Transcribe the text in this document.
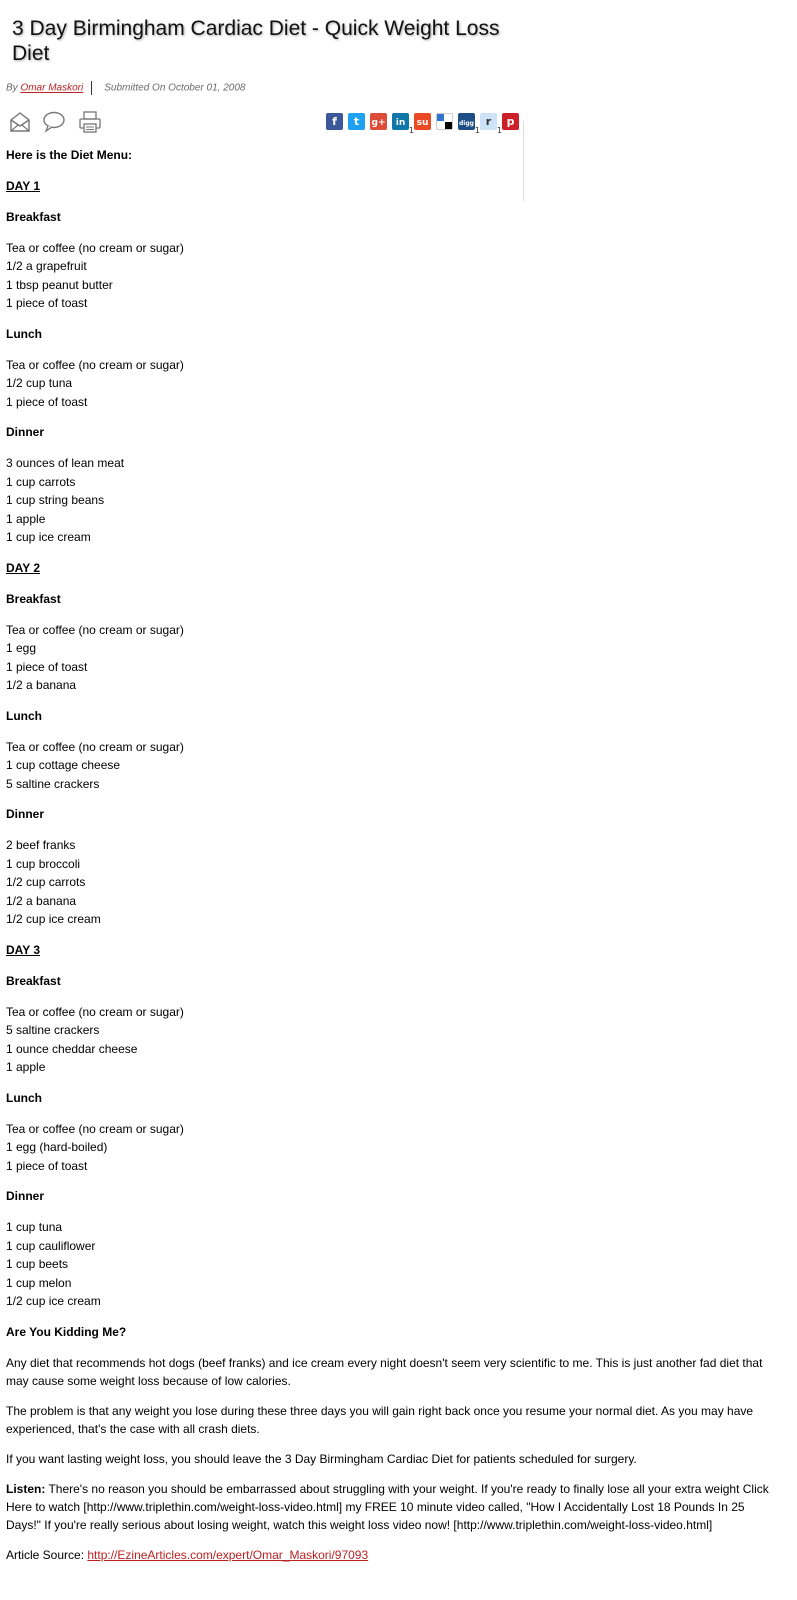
3 Day Birmingham Cardiac Diet - Quick Weight Loss Diet
By Omar Maskori Submitted On October 01, 2008
f	t	g+	in
1
su	digg
1
r
1
p

Here is the Diet Menu:

DAY 1

Breakfast

Tea or coffee (no cream or sugar)
1/2 a grapefruit
1 tbsp peanut butter
1 piece of toast

Lunch

Tea or coffee (no cream or sugar)
1/2 cup tuna
1 piece of toast

Dinner

3 ounces of lean meat
1 cup carrots
1 cup string beans
1 apple
1 cup ice cream

DAY 2

Breakfast

Tea or coffee (no cream or sugar)
1 egg
1 piece of toast
1/2 a banana

Lunch

Tea or coffee (no cream or sugar)
1 cup cottage cheese
5 saltine crackers

Dinner

2 beef franks
1 cup broccoli
1/2 cup carrots
1/2 a banana
1/2 cup ice cream

DAY 3

Breakfast

Tea or coffee (no cream or sugar)
5 saltine crackers
1 ounce cheddar cheese
1 apple

Lunch

Tea or coffee (no cream or sugar)
1 egg (hard-boiled)
1 piece of toast

Dinner

1 cup tuna
1 cup cauliflower
1 cup beets
1 cup melon
1/2 cup ice cream

Are You Kidding Me?

Any diet that recommends hot dogs (beef franks) and ice cream every night doesn't seem very scientific to me. This is just another fad diet that may cause some weight loss because of low calories.

The problem is that any weight you lose during these three days you will gain right back once you resume your normal diet. As you may have experienced, that's the case with all crash diets.

If you want lasting weight loss, you should leave the 3 Day Birmingham Cardiac Diet for patients scheduled for surgery.

Listen: There's no reason you should be embarrassed about struggling with your weight. If you're ready to finally lose all your extra weight Click Here to watch [http://www.triplethin.com/weight-loss-video.html] my FREE 10 minute video called, "How I Accidentally Lost 18 Pounds In 25 Days!" If you're really serious about losing weight, watch this weight loss video now! [http://www.triplethin.com/weight-loss-video.html]

Article Source: http://EzineArticles.com/expert/Omar_Maskori/97093
